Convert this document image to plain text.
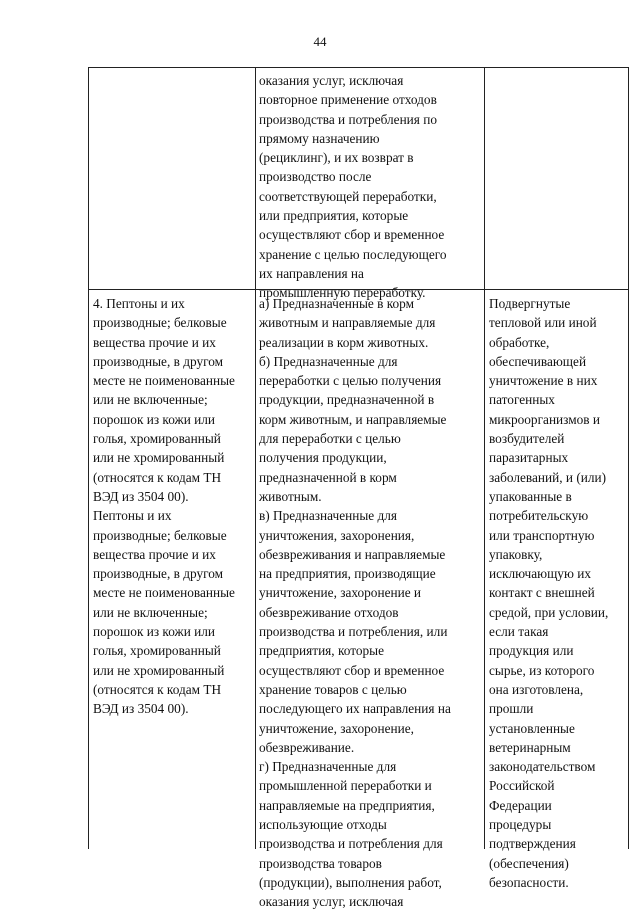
44
оказания услуг, исключая
повторное применение отходов
производства и потребления по
прямому назначению
(рециклинг), и их возврат в
производство после
соответствующей переработки,
или предприятия, которые
осуществляют сбор и временное
хранение с целью последующего
их направления на
промышленную переработку.
4. Пептоны и их
производные; белковые
вещества прочие и их
производные, в другом
месте не поименованные
или не включенные;
порошок из кожи или
голья, хромированный
или не хромированный
(относятся к кодам ТН
ВЭД из 3504 00).
Пептоны и их
производные; белковые
вещества прочие и их
производные, в другом
месте не поименованные
или не включенные;
порошок из кожи или
голья, хромированный
или не хромированный
(относятся к кодам ТН
ВЭД из 3504 00).
а) Предназначенные в корм
животным и направляемые для
реализации в корм животных.
б) Предназначенные для
переработки с целью получения
продукции, предназначенной в
корм животным, и направляемые
для переработки с целью
получения продукции,
предназначенной в корм
животным.
в) Предназначенные для
уничтожения, захоронения,
обезвреживания и направляемые
на предприятия, производящие
уничтожение, захоронение и
обезвреживание отходов
производства и потребления, или
предприятия, которые
осуществляют сбор и временное
хранение товаров с целью
последующего их направления на
уничтожение, захоронение,
обезвреживание.
г) Предназначенные для
промышленной переработки и
направляемые на предприятия,
использующие отходы
производства и потребления для
производства товаров
(продукции), выполнения работ,
оказания услуг, исключая
Подвергнутые
тепловой или иной
обработке,
обеспечивающей
уничтожение в них
патогенных
микроорганизмов и
возбудителей
паразитарных
заболеваний, и (или)
упакованные в
потребительскую
или транспортную
упаковку,
исключающую их
контакт с внешней
средой, при условии,
если такая
продукция или
сырье, из которого
она изготовлена,
прошли
установленные
ветеринарным
законодательством
Российской
Федерации
процедуры
подтверждения
(обеспечения)
безопасности.
